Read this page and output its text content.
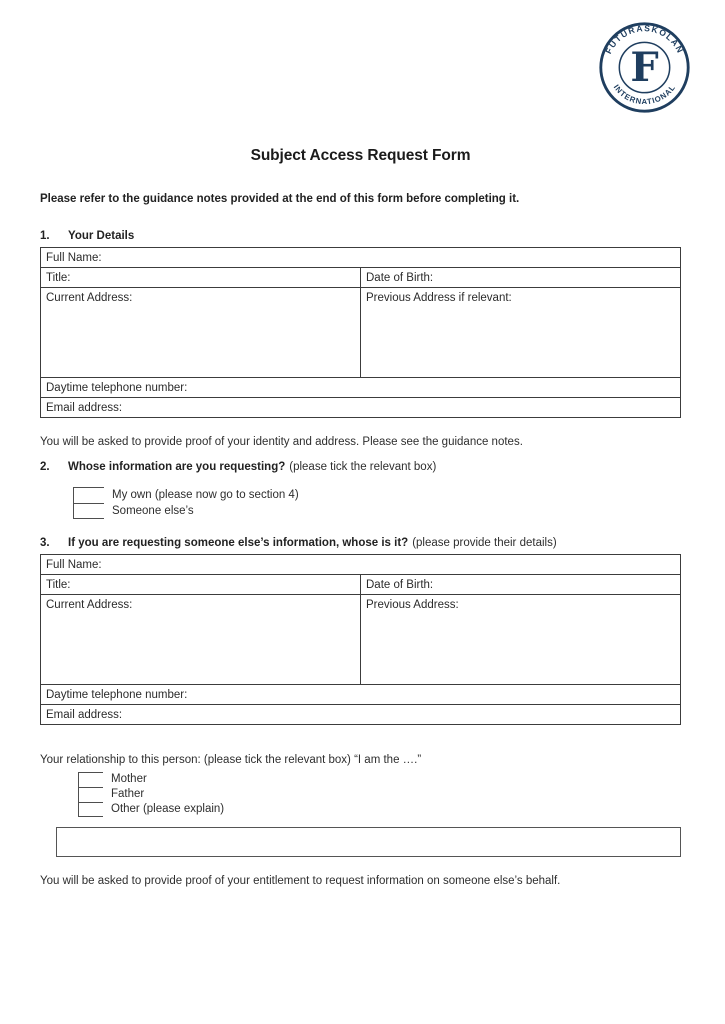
FUTURASKOLAN
INTERNATIONAL
F
Subject Access Request Form
Please refer to the guidance notes provided at the end of this form before completing it.
1.	Your Details
Full Name:	
Title:	Date of Birth:
Current Address:	Previous Address if relevant:
Daytime telephone number:	
Email address:	
You will be asked to provide proof of your identity and address. Please see the guidance notes.
2.	Whose information are you requesting? (please tick the relevant box)
My own (please now go to section 4)
Someone else’s
3.	If you are requesting someone else’s information, whose is it? (please provide their details)
Full Name:	
Title:	Date of Birth:
Current Address:	Previous Address:
Daytime telephone number:	
Email address:	
Your relationship to this person: (please tick the relevant box) “I am the ….”
Mother
Father
Other (please explain)
You will be asked to provide proof of your entitlement to request information on someone else’s behalf.
